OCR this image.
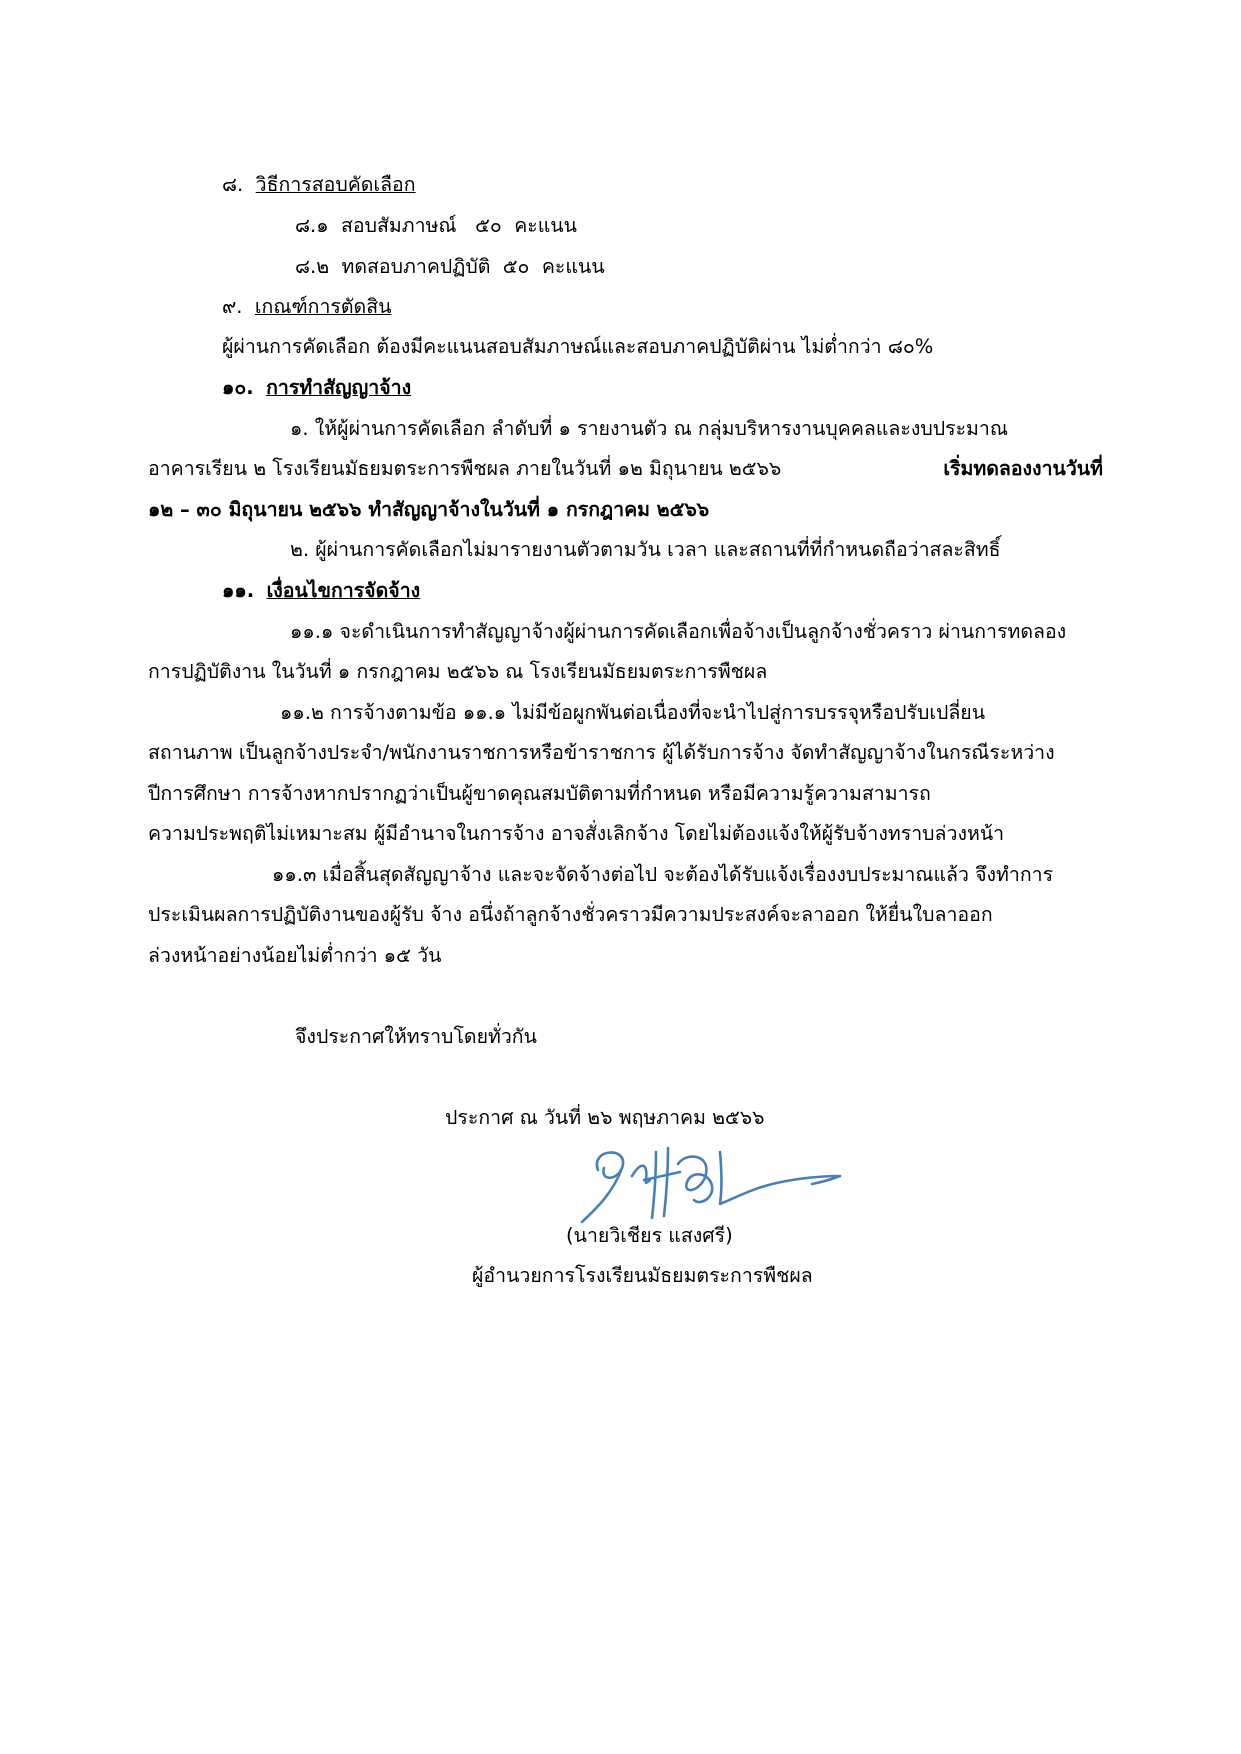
๘. วิธีการสอบคัดเลือก
๘.๑ สอบสัมภาษณ์ ๕๐ คะแนน
๘.๒ ทดสอบภาคปฏิบัติ ๕๐ คะแนน
๙. เกณฑ์การตัดสิน
ผู้ผ่านการคัดเลือก ต้องมีคะแนนสอบสัมภาษณ์และสอบภาคปฏิบัติผ่าน ไม่ต่ำกว่า ๘๐%
๑๐. การทำสัญญาจ้าง
๑. ให้ผู้ผ่านการคัดเลือก ลำดับที่ ๑ รายงานตัว ณ กลุ่มบริหารงานบุคคลและงบประมาณ
อาคารเรียน ๒ โรงเรียนมัธยมตระการพืชผล ภายในวันที่ ๑๒ มิถุนายน ๒๕๖๖	เริ่มทดลองงานวันที่
๑๒ – ๓๐ มิถุนายน ๒๕๖๖ ทำสัญญาจ้างในวันที่ ๑ กรกฎาคม ๒๕๖๖
๒. ผู้ผ่านการคัดเลือกไม่มารายงานตัวตามวัน เวลา และสถานที่ที่กำหนดถือว่าสละสิทธิ์
๑๑. เงื่อนไขการจัดจ้าง
๑๑.๑ จะดำเนินการทำสัญญาจ้างผู้ผ่านการคัดเลือกเพื่อจ้างเป็นลูกจ้างชั่วคราว ผ่านการทดลอง
การปฏิบัติงาน ในวันที่ ๑ กรกฎาคม ๒๕๖๖ ณ โรงเรียนมัธยมตระการพืชผล
๑๑.๒ การจ้างตามข้อ ๑๑.๑ ไม่มีข้อผูกพันต่อเนื่องที่จะนำไปสู่การบรรจุหรือปรับเปลี่ยน
สถานภาพ เป็นลูกจ้างประจำ/พนักงานราชการหรือข้าราชการ ผู้ได้รับการจ้าง จัดทำสัญญาจ้างในกรณีระหว่าง
ปีการศึกษา การจ้างหากปรากฏว่าเป็นผู้ขาดคุณสมบัติตามที่กำหนด หรือมีความรู้ความสามารถ
ความประพฤติไม่เหมาะสม ผู้มีอำนาจในการจ้าง อาจสั่งเลิกจ้าง โดยไม่ต้องแจ้งให้ผู้รับจ้างทราบล่วงหน้า
๑๑.๓ เมื่อสิ้นสุดสัญญาจ้าง และจะจัดจ้างต่อไป จะต้องได้รับแจ้งเรื่องงบประมาณแล้ว จึงทำการ
ประเมินผลการปฏิบัติงานของผู้รับ จ้าง อนึ่งถ้าลูกจ้างชั่วคราวมีความประสงค์จะลาออก ให้ยื่นใบลาออก
ล่วงหน้าอย่างน้อยไม่ต่ำกว่า ๑๕ วัน
จึงประกาศให้ทราบโดยทั่วกัน
ประกาศ ณ วันที่ ๒๖ พฤษภาคม ๒๕๖๖
(นายวิเชียร แสงศรี)
ผู้อำนวยการโรงเรียนมัธยมตระการพืชผล
